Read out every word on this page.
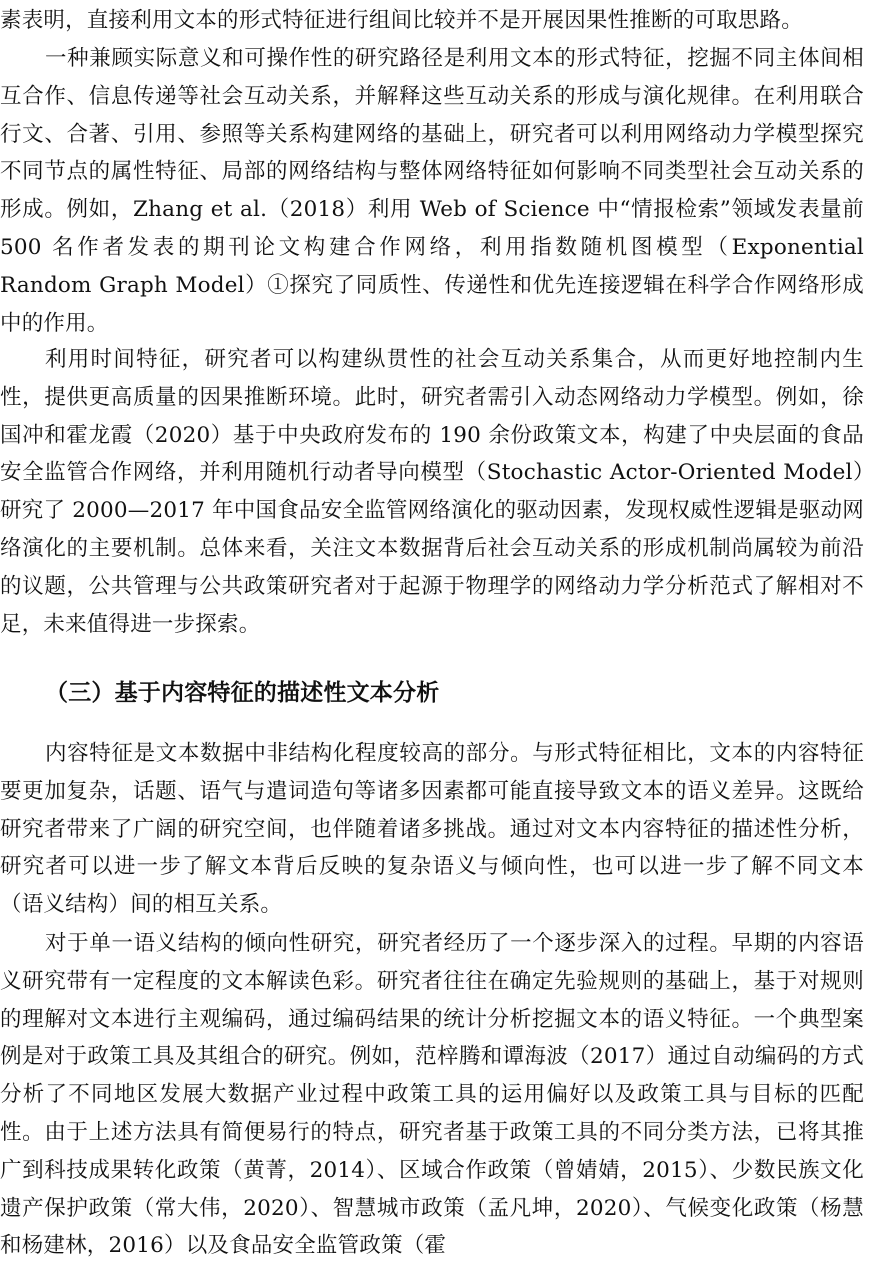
素表明，直接利用文本的形式特征进行组间比较并不是开展因果性推断的可取思路。

一种兼顾实际意义和可操作性的研究路径是利用文本的形式特征，挖掘不同主体间相互合作、信息传递等社会互动关系，并解释这些互动关系的形成与演化规律。在利用联合行文、合著、引用、参照等关系构建网络的基础上，研究者可以利用网络动力学模型探究不同节点的属性特征、局部的网络结构与整体网络特征如何影响不同类型社会互动关系的形成。例如，Zhang et al.（2018）利用 Web of Science 中“情报检索”领域发表量前 500 名作者发表的期刊论文构建合作网络，利用指数随机图模型（Exponential Random Graph Model）①探究了同质性、传递性和优先连接逻辑在科学合作网络形成中的作用。

利用时间特征，研究者可以构建纵贯性的社会互动关系集合，从而更好地控制内生性，提供更高质量的因果推断环境。此时，研究者需引入动态网络动力学模型。例如，徐国冲和霍龙霞（2020）基于中央政府发布的 190 余份政策文本，构建了中央层面的食品安全监管合作网络，并利用随机行动者导向模型（Stochastic Actor-Oriented Model）研究了 2000—2017 年中国食品安全监管网络演化的驱动因素，发现权威性逻辑是驱动网络演化的主要机制。总体来看，关注文本数据背后社会互动关系的形成机制尚属较为前沿的议题，公共管理与公共政策研究者对于起源于物理学的网络动力学分析范式了解相对不足，未来值得进一步探索。

（三）基于内容特征的描述性文本分析

内容特征是文本数据中非结构化程度较高的部分。与形式特征相比，文本的内容特征要更加复杂，话题、语气与遣词造句等诸多因素都可能直接导致文本的语义差异。这既给研究者带来了广阔的研究空间，也伴随着诸多挑战。通过对文本内容特征的描述性分析，研究者可以进一步了解文本背后反映的复杂语义与倾向性，也可以进一步了解不同文本（语义结构）间的相互关系。

对于单一语义结构的倾向性研究，研究者经历了一个逐步深入的过程。早期的内容语义研究带有一定程度的文本解读色彩。研究者往往在确定先验规则的基础上，基于对规则的理解对文本进行主观编码，通过编码结果的统计分析挖掘文本的语义特征。一个典型案例是对于政策工具及其组合的研究。例如，范梓腾和谭海波（2017）通过自动编码的方式分析了不同地区发展大数据产业过程中政策工具的运用偏好以及政策工具与目标的匹配性。由于上述方法具有简便易行的特点，研究者基于政策工具的不同分类方法，已将其推广到科技成果转化政策（黄菁，2014）、区域合作政策（曾婧婧，2015）、少数民族文化遗产保护政策（常大伟，2020）、智慧城市政策（孟凡坤，2020）、气候变化政策（杨慧和杨建林，2016）以及食品安全监管政策（霍
